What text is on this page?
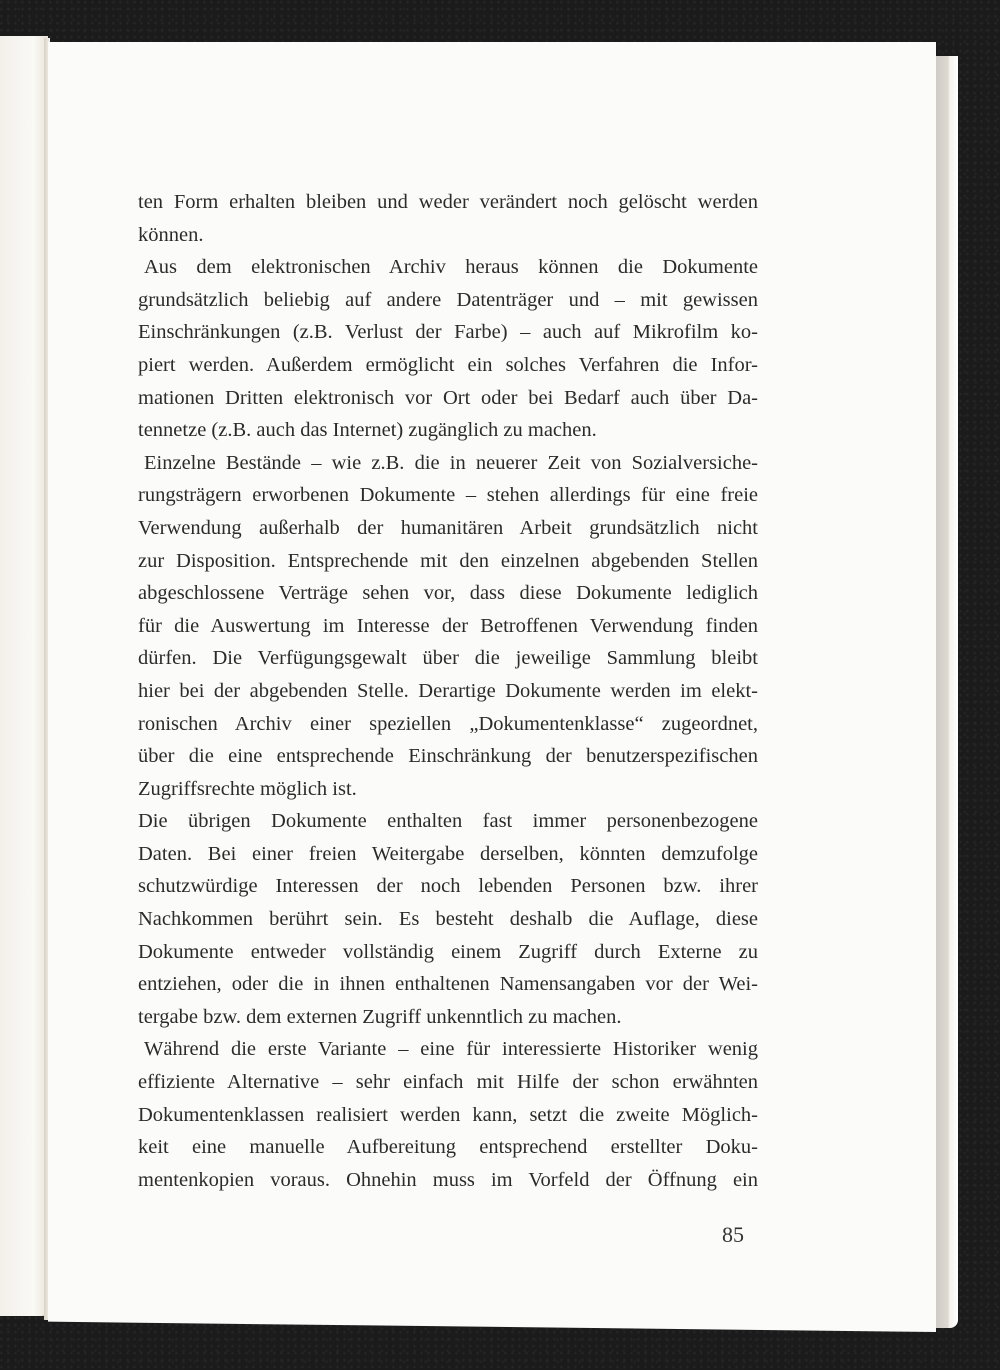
ten Form erhalten bleiben und weder verändert noch gelöscht werden
können.
Aus dem elektronischen Archiv heraus können die Dokumente
grundsätzlich beliebig auf andere Datenträger und – mit gewissen
Einschränkungen (z.B. Verlust der Farbe) – auch auf Mikrofilm ko-
piert werden. Außerdem ermöglicht ein solches Verfahren die Infor-
mationen Dritten elektronisch vor Ort oder bei Bedarf auch über Da-
tennetze (z.B. auch das Internet) zugänglich zu machen.
Einzelne Bestände – wie z.B. die in neuerer Zeit von Sozialversiche-
rungsträgern erworbenen Dokumente – stehen allerdings für eine freie
Verwendung außerhalb der humanitären Arbeit grundsätzlich nicht
zur Disposition. Entsprechende mit den einzelnen abgebenden Stellen
abgeschlossene Verträge sehen vor, dass diese Dokumente lediglich
für die Auswertung im Interesse der Betroffenen Verwendung finden
dürfen. Die Verfügungsgewalt über die jeweilige Sammlung bleibt
hier bei der abgebenden Stelle. Derartige Dokumente werden im elekt-
ronischen Archiv einer speziellen „Dokumentenklasse“ zugeordnet,
über die eine entsprechende Einschränkung der benutzerspezifischen
Zugriffsrechte möglich ist.
Die übrigen Dokumente enthalten fast immer personenbezogene
Daten. Bei einer freien Weitergabe derselben, könnten demzufolge
schutzwürdige Interessen der noch lebenden Personen bzw. ihrer
Nachkommen berührt sein. Es besteht deshalb die Auflage, diese
Dokumente entweder vollständig einem Zugriff durch Externe zu
entziehen, oder die in ihnen enthaltenen Namensangaben vor der Wei-
tergabe bzw. dem externen Zugriff unkenntlich zu machen.
Während die erste Variante – eine für interessierte Historiker wenig
effiziente Alternative – sehr einfach mit Hilfe der schon erwähnten
Dokumentenklassen realisiert werden kann, setzt die zweite Möglich-
keit eine manuelle Aufbereitung entsprechend erstellter Doku-
mentenkopien voraus. Ohnehin muss im Vorfeld der Öffnung ein
85
